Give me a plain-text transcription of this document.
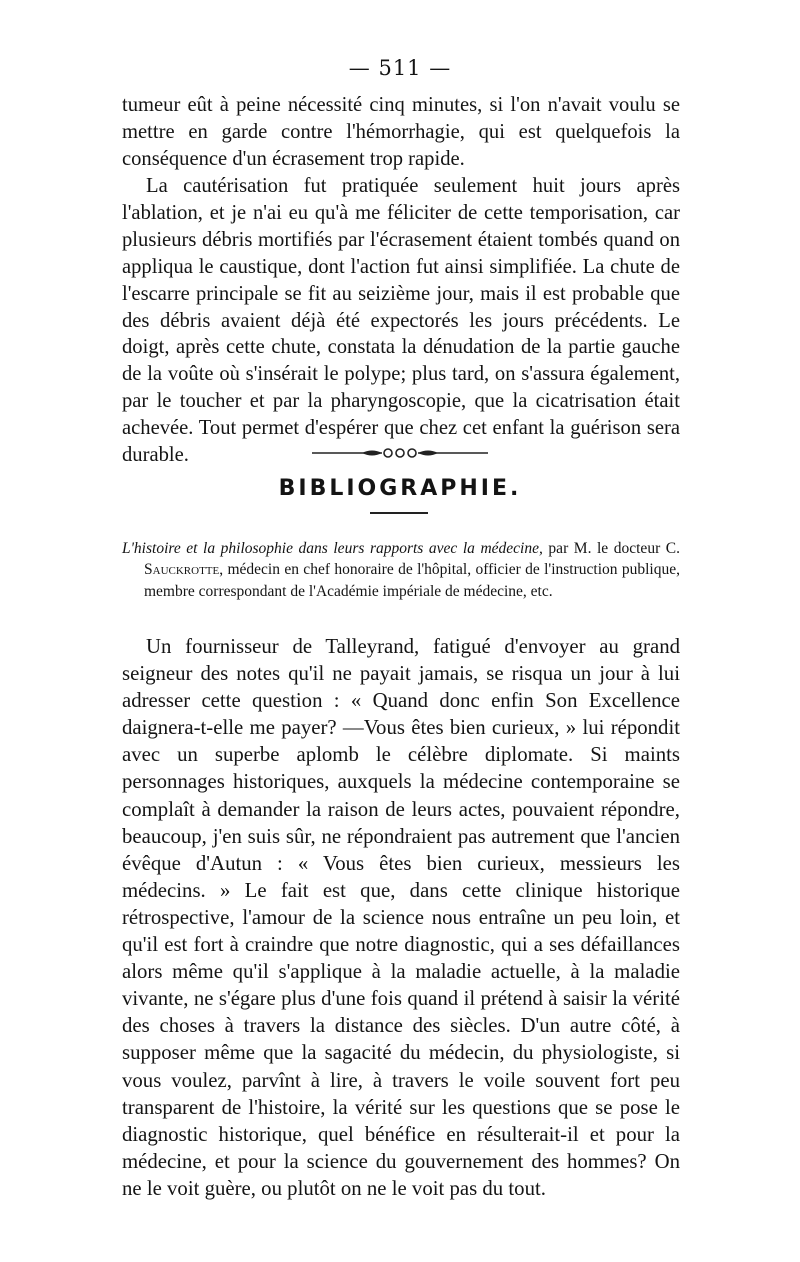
— 511 —

tumeur eût à peine nécessité cinq minutes, si l'on n'avait voulu se mettre en garde contre l'hémorrhagie, qui est quelquefois la conséquence d'un écrasement trop rapide.

La cautérisation fut pratiquée seulement huit jours après l'ablation, et je n'ai eu qu'à me féliciter de cette temporisation, car plusieurs débris mortifiés par l'écrasement étaient tombés quand on appliqua le caustique, dont l'action fut ainsi simplifiée. La chute de l'escarre principale se fit au seizième jour, mais il est probable que des débris avaient déjà été expectorés les jours précédents. Le doigt, après cette chute, constata la dénudation de la partie gauche de la voûte où s'insérait le polype; plus tard, on s'assura également, par le toucher et par la pharyngoscopie, que la cicatrisation était achevée. Tout permet d'espérer que chez cet enfant la guérison sera durable.

BIBLIOGRAPHIE.

L'histoire et la philosophie dans leurs rapports avec la médecine, par M. le docteur C. Sauckrotte, médecin en chef honoraire de l'hôpital, officier de l'instruction publique, membre correspondant de l'Académie impériale de médecine, etc.

Un fournisseur de Talleyrand, fatigué d'envoyer au grand seigneur des notes qu'il ne payait jamais, se risqua un jour à lui adresser cette question : « Quand donc enfin Son Excellence daignera-t-elle me payer? —Vous êtes bien curieux, » lui répondit avec un superbe aplomb le célèbre diplomate. Si maints personnages historiques, auxquels la médecine contemporaine se complaît à demander la raison de leurs actes, pouvaient répondre, beaucoup, j'en suis sûr, ne répondraient pas autrement que l'ancien évêque d'Autun : « Vous êtes bien curieux, messieurs les médecins. » Le fait est que, dans cette clinique historique rétrospective, l'amour de la science nous entraîne un peu loin, et qu'il est fort à craindre que notre diagnostic, qui a ses défaillances alors même qu'il s'applique à la maladie actuelle, à la maladie vivante, ne s'égare plus d'une fois quand il prétend à saisir la vérité des choses à travers la distance des siècles. D'un autre côté, à supposer même que la sagacité du médecin, du physiologiste, si vous voulez, parvînt à lire, à travers le voile souvent fort peu transparent de l'histoire, la vérité sur les questions que se pose le diagnostic historique, quel bénéfice en résulterait-il et pour la médecine, et pour la science du gouvernement des hommes? On ne le voit guère, ou plutôt on ne le voit pas du tout.
